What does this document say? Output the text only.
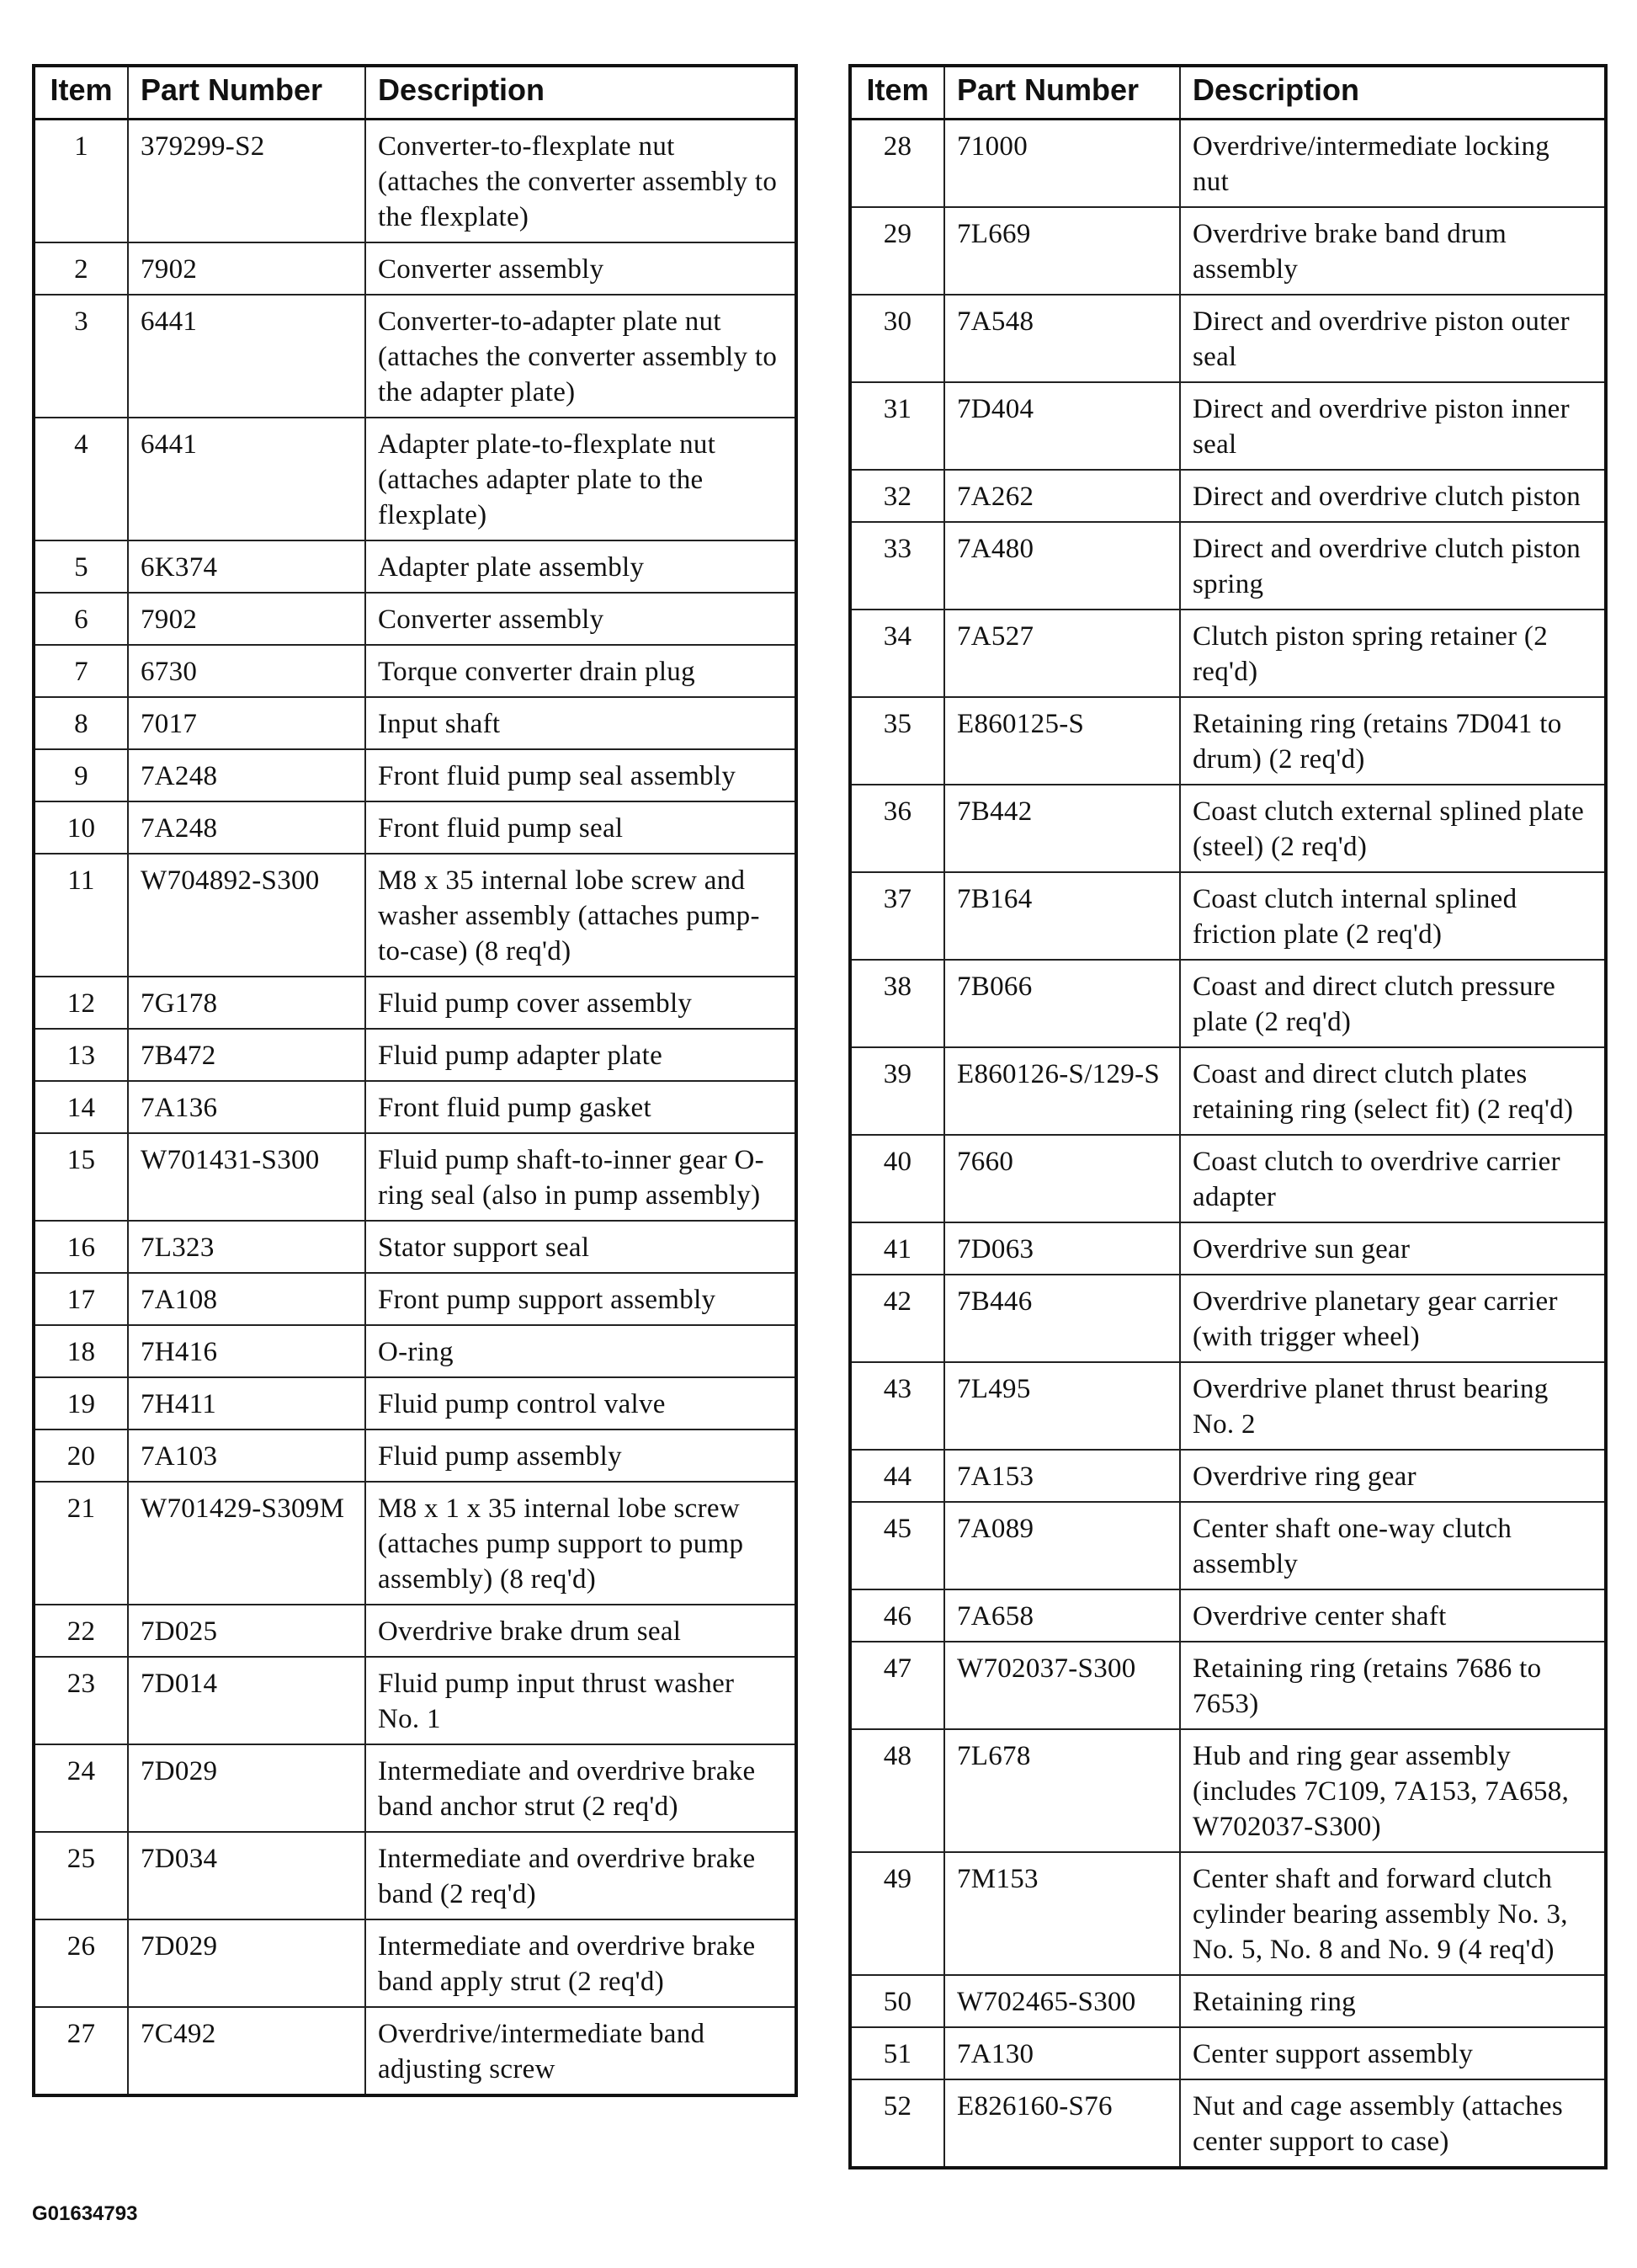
Item	Part Number	Description
1	379299-S2	Converter-to-flexplate nut (attaches the converter assembly to the flexplate)
2	7902	Converter assembly
3	6441	Converter-to-adapter plate nut (attaches the converter assembly to the adapter plate)
4	6441	Adapter plate-to-flexplate nut (attaches adapter plate to the flexplate)
5	6K374	Adapter plate assembly
6	7902	Converter assembly
7	6730	Torque converter drain plug
8	7017	Input shaft
9	7A248	Front fluid pump seal assembly
10	7A248	Front fluid pump seal
11	W704892-S300	M8 x 35 internal lobe screw and washer assembly (attaches pump-to-case) (8 req'd)
12	7G178	Fluid pump cover assembly
13	7B472	Fluid pump adapter plate
14	7A136	Front fluid pump gasket
15	W701431-S300	Fluid pump shaft-to-inner gear O-ring seal (also in pump assembly)
16	7L323	Stator support seal
17	7A108	Front pump support assembly
18	7H416	O-ring
19	7H411	Fluid pump control valve
20	7A103	Fluid pump assembly
21	W701429-S309M	M8 x 1 x 35 internal lobe screw (attaches pump support to pump assembly) (8 req'd)
22	7D025	Overdrive brake drum seal
23	7D014	Fluid pump input thrust washer No. 1
24	7D029	Intermediate and overdrive brake band anchor strut (2 req'd)
25	7D034	Intermediate and overdrive brake band (2 req'd)
26	7D029	Intermediate and overdrive brake band apply strut (2 req'd)
27	7C492	Overdrive/intermediate band adjusting screw
Item	Part Number	Description
28	71000	Overdrive/intermediate locking nut
29	7L669	Overdrive brake band drum assembly
30	7A548	Direct and overdrive piston outer seal
31	7D404	Direct and overdrive piston inner seal
32	7A262	Direct and overdrive clutch piston
33	7A480	Direct and overdrive clutch piston spring
34	7A527	Clutch piston spring retainer (2 req'd)
35	E860125-S	Retaining ring (retains 7D041 to drum) (2 req'd)
36	7B442	Coast clutch external splined plate (steel) (2 req'd)
37	7B164	Coast clutch internal splined friction plate (2 req'd)
38	7B066	Coast and direct clutch pressure plate (2 req'd)
39	E860126-S/129-S	Coast and direct clutch plates retaining ring (select fit) (2 req'd)
40	7660	Coast clutch to overdrive carrier adapter
41	7D063	Overdrive sun gear
42	7B446	Overdrive planetary gear carrier (with trigger wheel)
43	7L495	Overdrive planet thrust bearing No. 2
44	7A153	Overdrive ring gear
45	7A089	Center shaft one-way clutch assembly
46	7A658	Overdrive center shaft
47	W702037-S300	Retaining ring (retains 7686 to 7653)
48	7L678	Hub and ring gear assembly (includes 7C109, 7A153, 7A658, W702037-S300)
49	7M153	Center shaft and forward clutch cylinder bearing assembly No. 3, No. 5, No. 8 and No. 9 (4 req'd)
50	W702465-S300	Retaining ring
51	7A130	Center support assembly
52	E826160-S76	Nut and cage assembly (attaches center support to case)
G01634793
